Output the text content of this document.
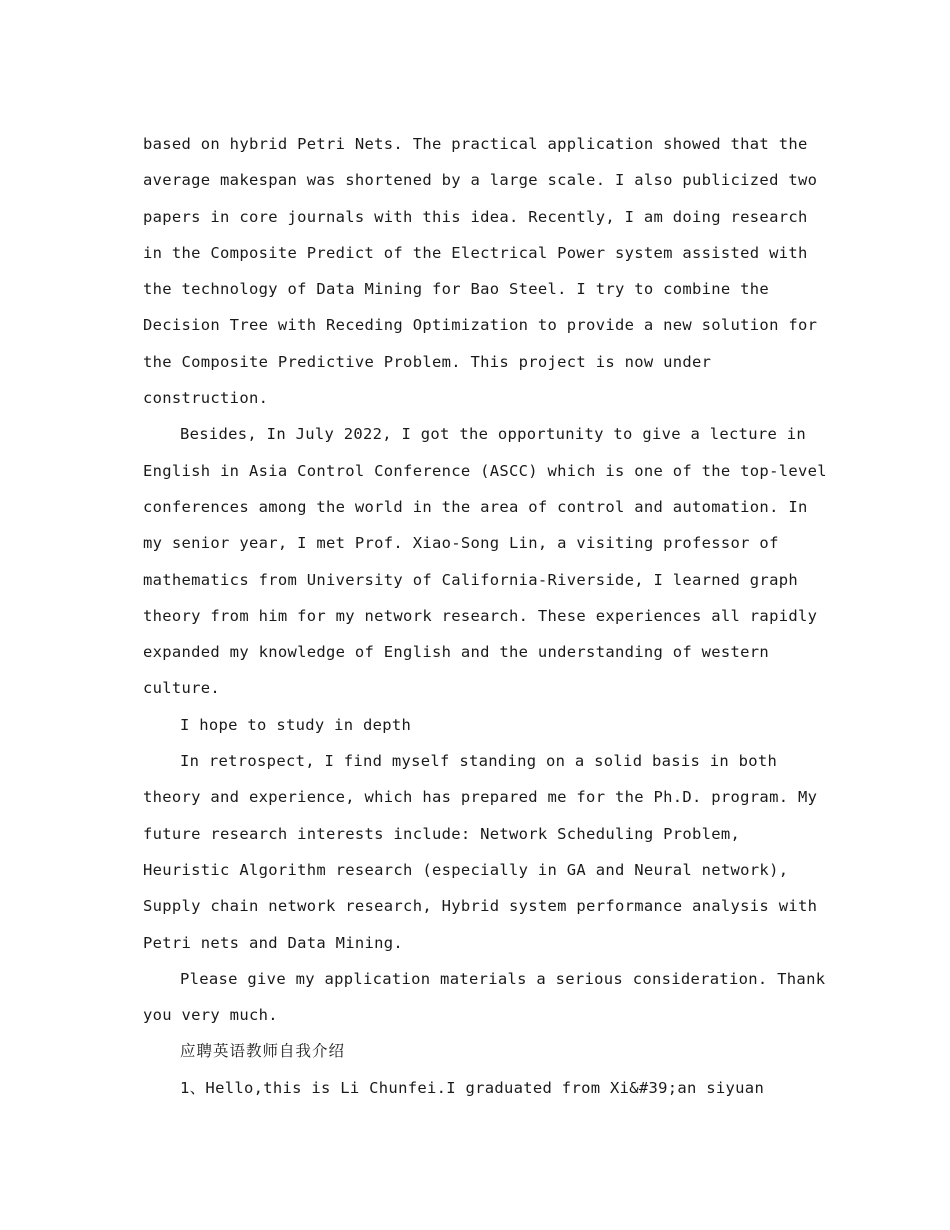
based on hybrid Petri Nets. The practical application showed that the
average makespan was shortened by a large scale. I also publicized two
papers in core journals with this idea. Recently, I am doing research
in the Composite Predict of the Electrical Power system assisted with
the technology of Data Mining for Bao Steel. I try to combine the
Decision Tree with Receding Optimization to provide a new solution for
the Composite Predictive Problem. This project is now under
construction.

Besides, In July 2022, I got the opportunity to give a lecture in
English in Asia Control Conference (ASCC) which is one of the top-level
conferences among the world in the area of control and automation. In
my senior year, I met Prof. Xiao-Song Lin, a visiting professor of
mathematics from University of California-Riverside, I learned graph
theory from him for my network research. These experiences all rapidly
expanded my knowledge of English and the understanding of western
culture.

I hope to study in depth

In retrospect, I find myself standing on a solid basis in both
theory and experience, which has prepared me for the Ph.D. program. My
future research interests include: Network Scheduling Problem,
Heuristic Algorithm research (especially in GA and Neural network),
Supply chain network research, Hybrid system performance analysis with
Petri nets and Data Mining.

Please give my application materials a serious consideration. Thank
you very much.

应聘英语教师自我介绍

1、Hello,this is Li Chunfei.I graduated from Xi&#39;an siyuan
